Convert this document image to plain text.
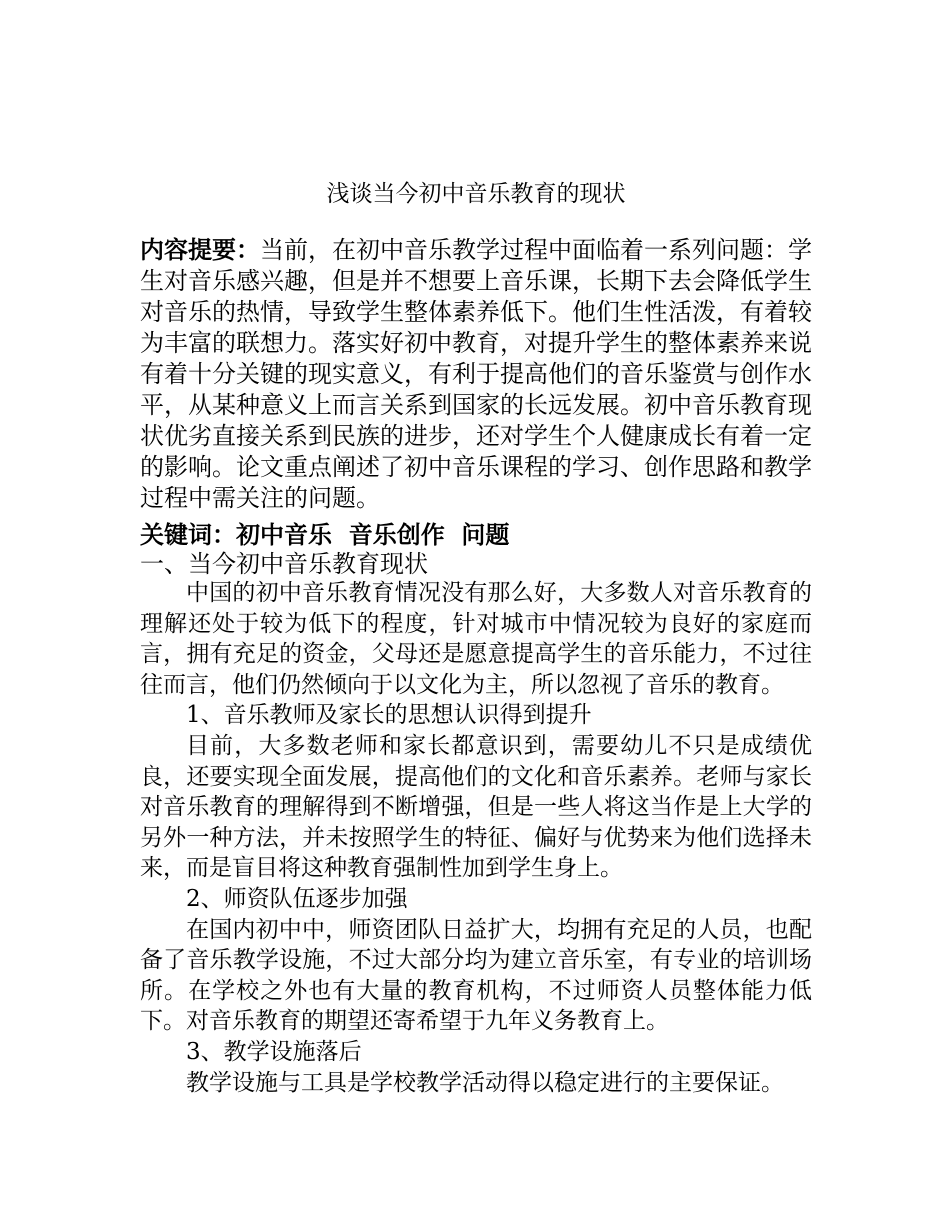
浅谈当今初中音乐教育的现状

内容提要：当前，在初中音乐教学过程中面临着一系列问题：学生对音乐感兴趣，但是并不想要上音乐课，长期下去会降低学生对音乐的热情，导致学生整体素养低下。他们生性活泼，有着较为丰富的联想力。落实好初中教育，对提升学生的整体素养来说有着十分关键的现实意义，有利于提高他们的音乐鉴赏与创作水平，从某种意义上而言关系到国家的长远发展。初中音乐教育现状优劣直接关系到民族的进步，还对学生个人健康成长有着一定的影响。论文重点阐述了初中音乐课程的学习、创作思路和教学过程中需关注的问题。

关键词：初中音乐  音乐创作  问题

一、当今初中音乐教育现状

中国的初中音乐教育情况没有那么好，大多数人对音乐教育的理解还处于较为低下的程度，针对城市中情况较为良好的家庭而言，拥有充足的资金，父母还是愿意提高学生的音乐能力，不过往往而言，他们仍然倾向于以文化为主，所以忽视了音乐的教育。

1、音乐教师及家长的思想认识得到提升

目前，大多数老师和家长都意识到，需要幼儿不只是成绩优良，还要实现全面发展，提高他们的文化和音乐素养。老师与家长对音乐教育的理解得到不断增强，但是一些人将这当作是上大学的另外一种方法，并未按照学生的特征、偏好与优势来为他们选择未来，而是盲目将这种教育强制性加到学生身上。

2、师资队伍逐步加强

在国内初中中，师资团队日益扩大，均拥有充足的人员，也配备了音乐教学设施，不过大部分均为建立音乐室，有专业的培训场所。在学校之外也有大量的教育机构，不过师资人员整体能力低下。对音乐教育的期望还寄希望于九年义务教育上。

3、教学设施落后

教学设施与工具是学校教学活动得以稳定进行的主要保证。
